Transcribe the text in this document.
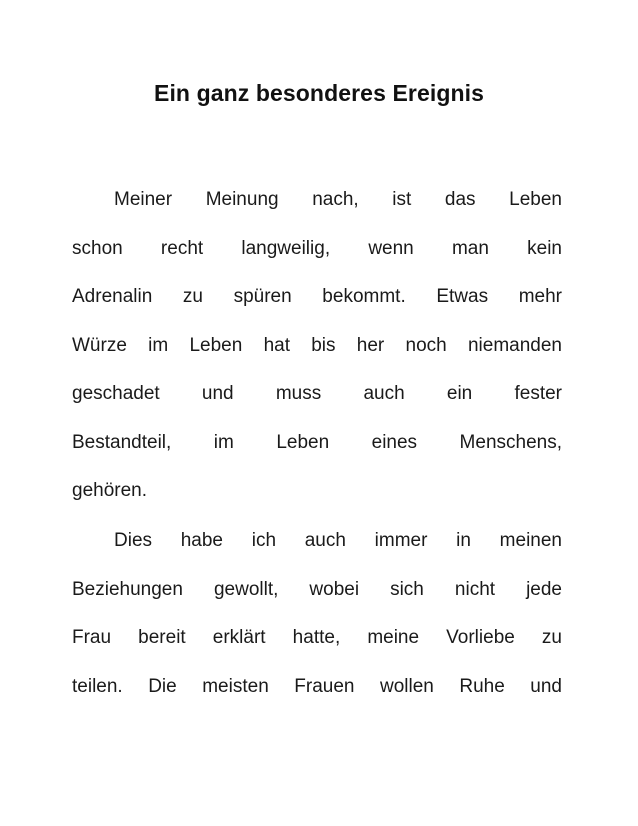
Ein ganz besonderes Ereignis
Meiner Meinung nach, ist das Leben
schon recht langweilig, wenn man kein
Adrenalin zu spüren bekommt. Etwas mehr
Würze im Leben hat bis her noch niemanden
geschadet und muss auch ein fester
Bestandteil, im Leben eines Menschens,
gehören.
Dies habe ich auch immer in meinen
Beziehungen gewollt, wobei sich nicht jede
Frau bereit erklärt hatte, meine Vorliebe zu
teilen. Die meisten Frauen wollen Ruhe und
